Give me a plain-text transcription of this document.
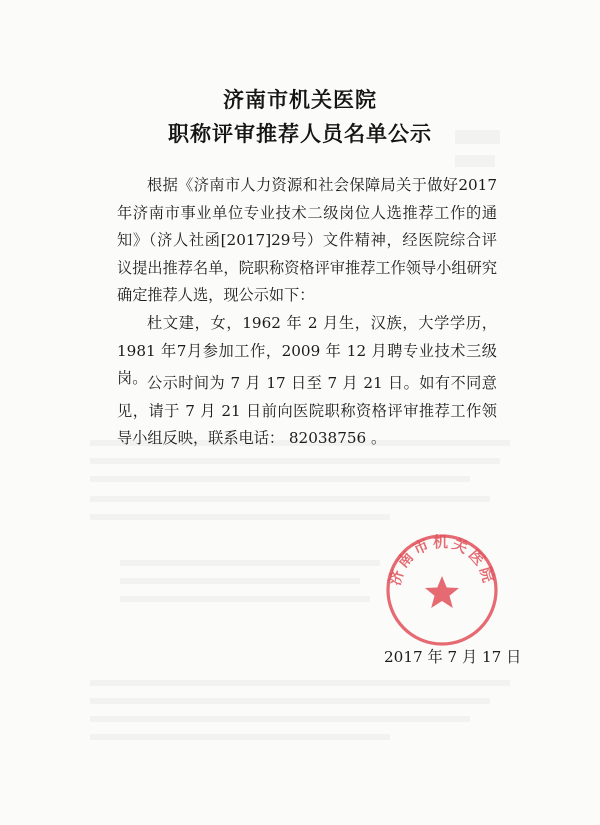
济南市机关医院
职称评审推荐人员名单公示

根据《济南市人力资源和社会保障局关于做好2017年济南市事业单位专业技术二级岗位人选推荐工作的通知》（济人社函[2017]29号）文件精神，经医院综合评议提出推荐名单，院职称资格评审推荐工作领导小组研究确定推荐人选，现公示如下：

杜文建，女，1962 年 2 月生，汉族，大学学历，1981 年7月参加工作，2009 年 12 月聘专业技术三级岗。 公示时间为 7 月 17 日至 7 月 21 日。如有不同意见，请于 7 月 21 日前向医院职称资格评审推荐工作领导小组反映，联系电话： 82038756 。

济南市机关医院
2017 年 7 月 17 日
